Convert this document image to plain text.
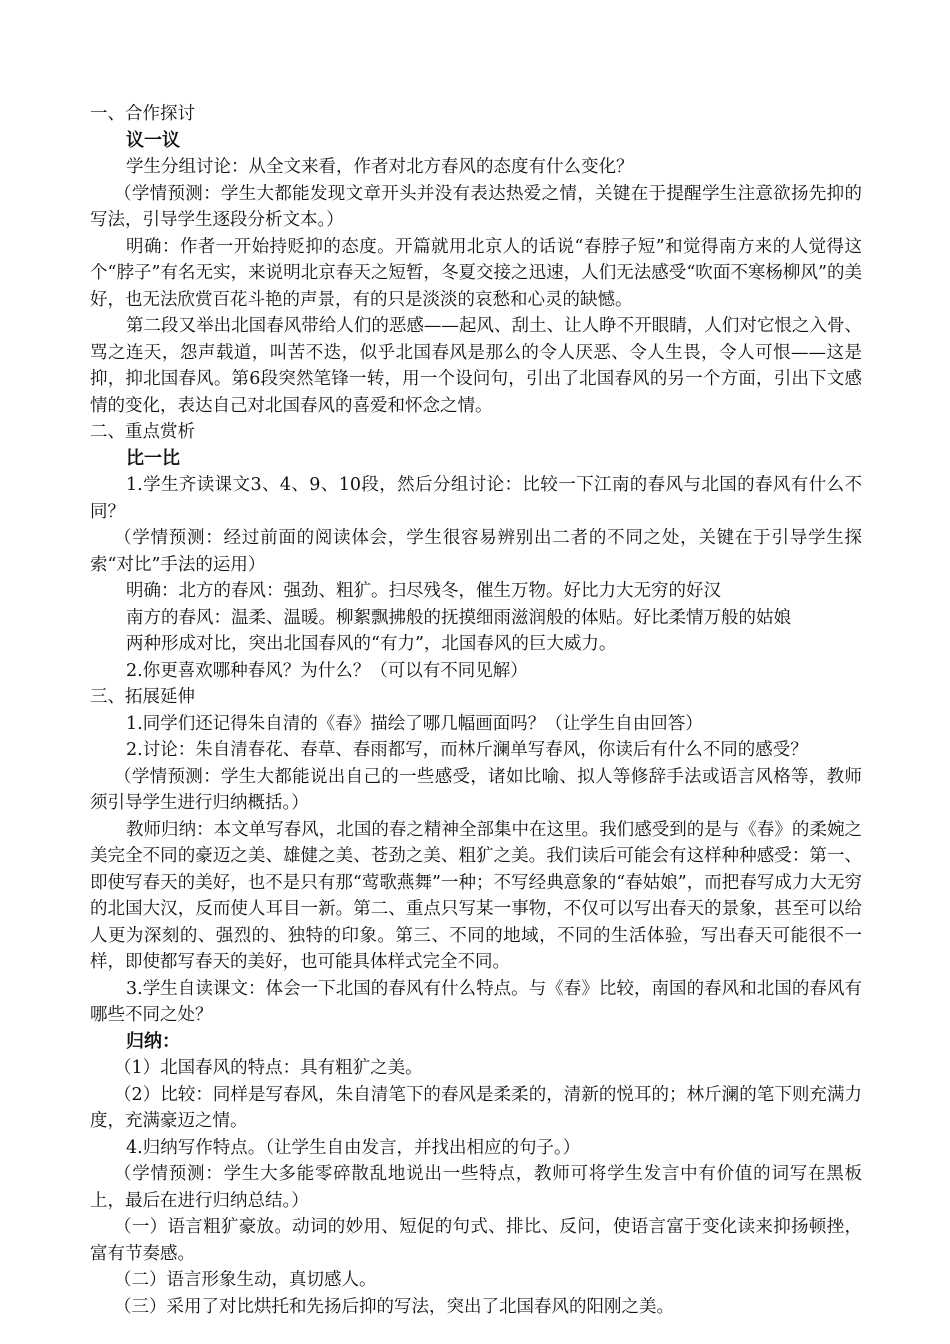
一、合作探讨

议一议

学生分组讨论：从全文来看，作者对北方春风的态度有什么变化？

（学情预测：学生大都能发现文章开头并没有表达热爱之情，关键在于提醒学生注意欲扬先抑的写法，引导学生逐段分析文本。）

明确：作者一开始持贬抑的态度。开篇就用北京人的话说“春脖子短”和觉得南方来的人觉得这个“脖子”有名无实，来说明北京春天之短暂，冬夏交接之迅速，人们无法感受“吹面不寒杨柳风”的美好，也无法欣赏百花斗艳的声景，有的只是淡淡的哀愁和心灵的缺憾。

第二段又举出北国春风带给人们的恶感——起风、刮土、让人睁不开眼睛，人们对它恨之入骨、骂之连天，怨声载道，叫苦不迭，似乎北国春风是那么的令人厌恶、令人生畏，令人可恨——这是抑，抑北国春风。第6段突然笔锋一转，用一个设问句，引出了北国春风的另一个方面，引出下文感情的变化，表达自己对北国春风的喜爱和怀念之情。

二、重点赏析

比一比

1.学生齐读课文3、4、9、10段，然后分组讨论：比较一下江南的春风与北国的春风有什么不同？

（学情预测：经过前面的阅读体会，学生很容易辨别出二者的不同之处，关键在于引导学生探索“对比”手法的运用）

明确：北方的春风：强劲、粗犷。扫尽残冬，催生万物。好比力大无穷的好汉

南方的春风：温柔、温暖。柳絮飘拂般的抚摸细雨滋润般的体贴。好比柔情万般的姑娘

两种形成对比，突出北国春风的“有力”，北国春风的巨大威力。

2.你更喜欢哪种春风？为什么？（可以有不同见解）

三、拓展延伸

1.同学们还记得朱自清的《春》描绘了哪几幅画面吗？（让学生自由回答）

2.讨论：朱自清春花、春草、春雨都写，而林斤澜单写春风，你读后有什么不同的感受？

（学情预测：学生大都能说出自己的一些感受，诸如比喻、拟人等修辞手法或语言风格等，教师须引导学生进行归纳概括。）

教师归纳：本文单写春风，北国的春之精神全部集中在这里。我们感受到的是与《春》的柔婉之美完全不同的豪迈之美、雄健之美、苍劲之美、粗犷之美。我们读后可能会有这样种种感受：第一、即使写春天的美好，也不是只有那“莺歌燕舞”一种；不写经典意象的“春姑娘”，而把春写成力大无穷的北国大汉，反而使人耳目一新。第二、重点只写某一事物，不仅可以写出春天的景象，甚至可以给人更为深刻的、强烈的、独特的印象。第三、不同的地域，不同的生活体验，写出春天可能很不一样，即使都写春天的美好，也可能具体样式完全不同。

3.学生自读课文：体会一下北国的春风有什么特点。与《春》比较，南国的春风和北国的春风有哪些不同之处？

归纳：

（1）北国春风的特点：具有粗犷之美。

（2）比较：同样是写春风，朱自清笔下的春风是柔柔的，清新的悦耳的；林斤澜的笔下则充满力度，充满豪迈之情。

4.归纳写作特点。（让学生自由发言，并找出相应的句子。）

（学情预测：学生大多能零碎散乱地说出一些特点，教师可将学生发言中有价值的词写在黑板上，最后在进行归纳总结。）

（一）语言粗犷豪放。动词的妙用、短促的句式、排比、反问，使语言富于变化读来抑扬顿挫，富有节奏感。

（二）语言形象生动，真切感人。

（三）采用了对比烘托和先扬后抑的写法，突出了北国春风的阳刚之美。
